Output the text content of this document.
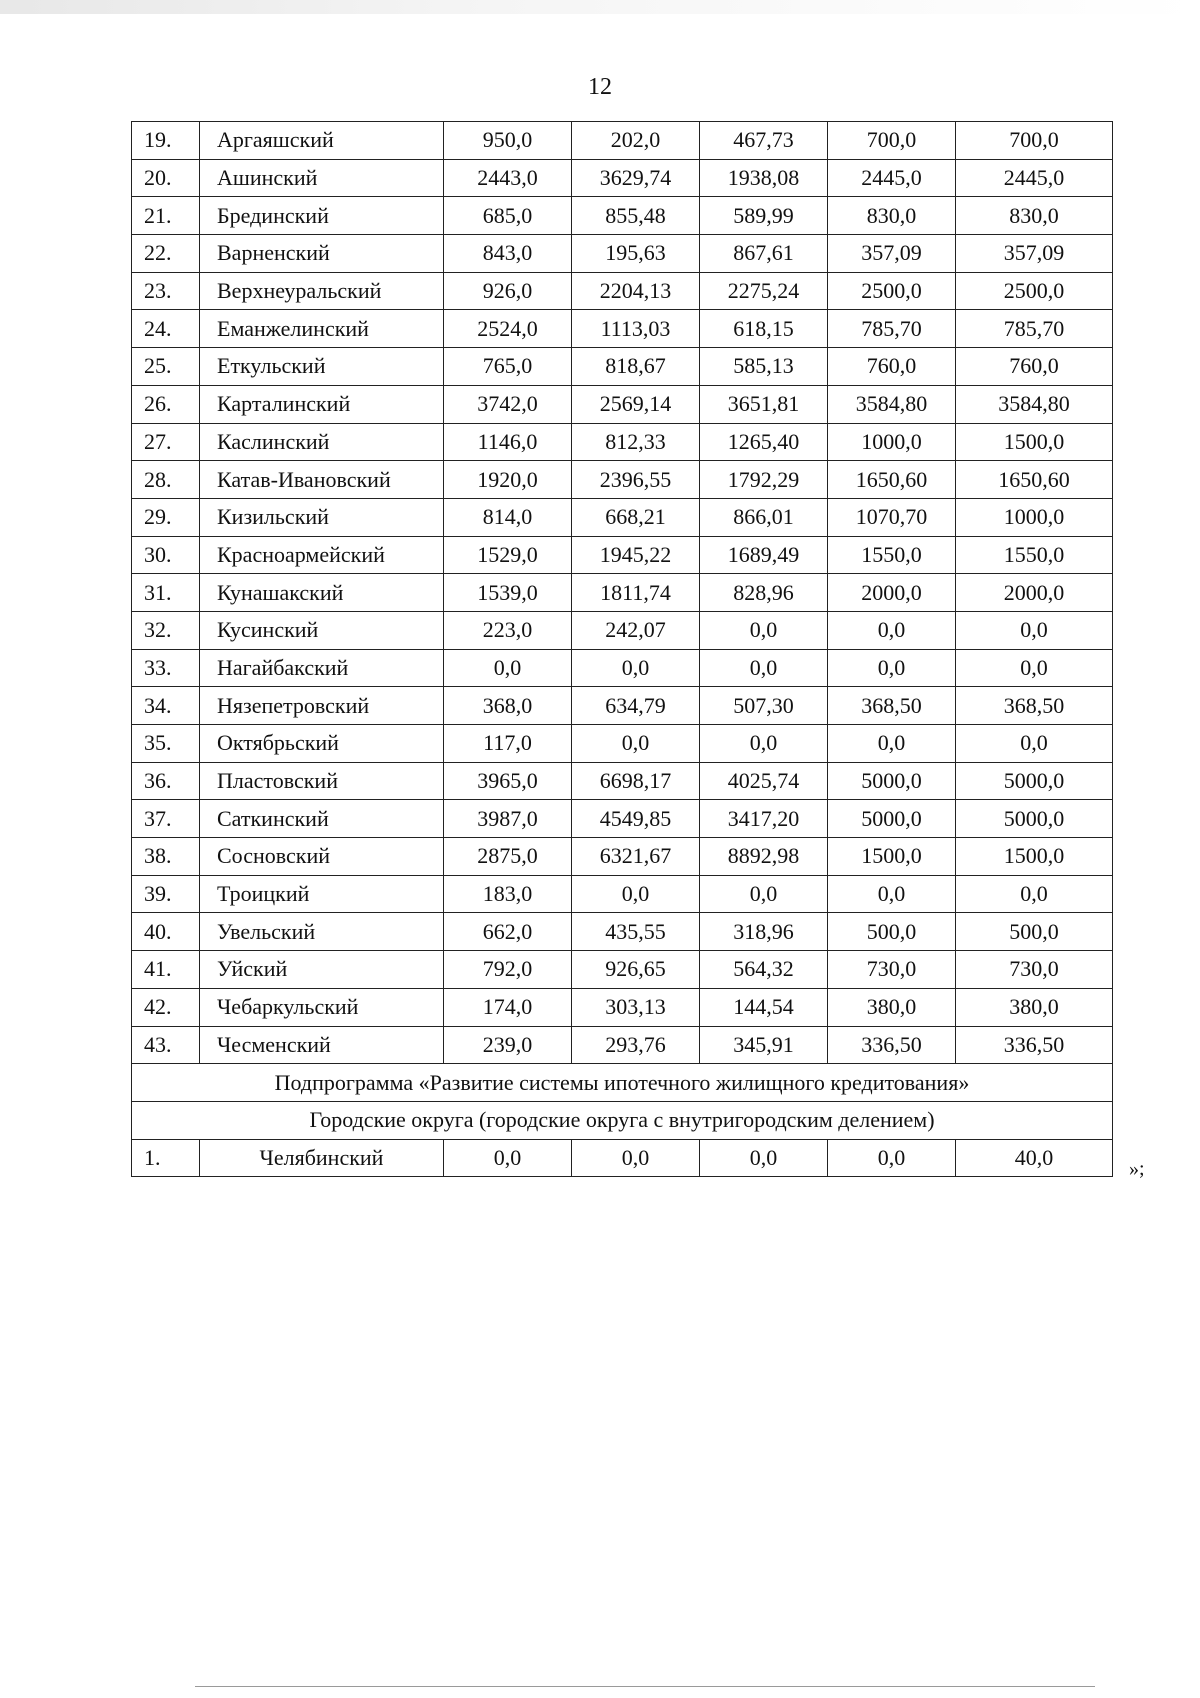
12
19.	Аргаяшский	950,0	202,0	467,73	700,0	700,0
20.	Ашинский	2443,0	3629,74	1938,08	2445,0	2445,0
21.	Брединский	685,0	855,48	589,99	830,0	830,0
22.	Варненский	843,0	195,63	867,61	357,09	357,09
23.	Верхнеуральский	926,0	2204,13	2275,24	2500,0	2500,0
24.	Еманжелинский	2524,0	1113,03	618,15	785,70	785,70
25.	Еткульский	765,0	818,67	585,13	760,0	760,0
26.	Карталинский	3742,0	2569,14	3651,81	3584,80	3584,80
27.	Каслинский	1146,0	812,33	1265,40	1000,0	1500,0
28.	Катав-Ивановский	1920,0	2396,55	1792,29	1650,60	1650,60
29.	Кизильский	814,0	668,21	866,01	1070,70	1000,0
30.	Красноармейский	1529,0	1945,22	1689,49	1550,0	1550,0
31.	Кунашакский	1539,0	1811,74	828,96	2000,0	2000,0
32.	Кусинский	223,0	242,07	0,0	0,0	0,0
33.	Нагайбакский	0,0	0,0	0,0	0,0	0,0
34.	Нязепетровский	368,0	634,79	507,30	368,50	368,50
35.	Октябрьский	117,0	0,0	0,0	0,0	0,0
36.	Пластовский	3965,0	6698,17	4025,74	5000,0	5000,0
37.	Саткинский	3987,0	4549,85	3417,20	5000,0	5000,0
38.	Сосновский	2875,0	6321,67	8892,98	1500,0	1500,0
39.	Троицкий	183,0	0,0	0,0	0,0	0,0
40.	Увельский	662,0	435,55	318,96	500,0	500,0
41.	Уйский	792,0	926,65	564,32	730,0	730,0
42.	Чебаркульский	174,0	303,13	144,54	380,0	380,0
43.	Чесменский	239,0	293,76	345,91	336,50	336,50
Подпрограмма «Развитие системы ипотечного жилищного кредитования»						
Городские округа (городские округа с внутригородским делением)						
1.	Челябинский	0,0	0,0	0,0	0,0	40,0	»;
